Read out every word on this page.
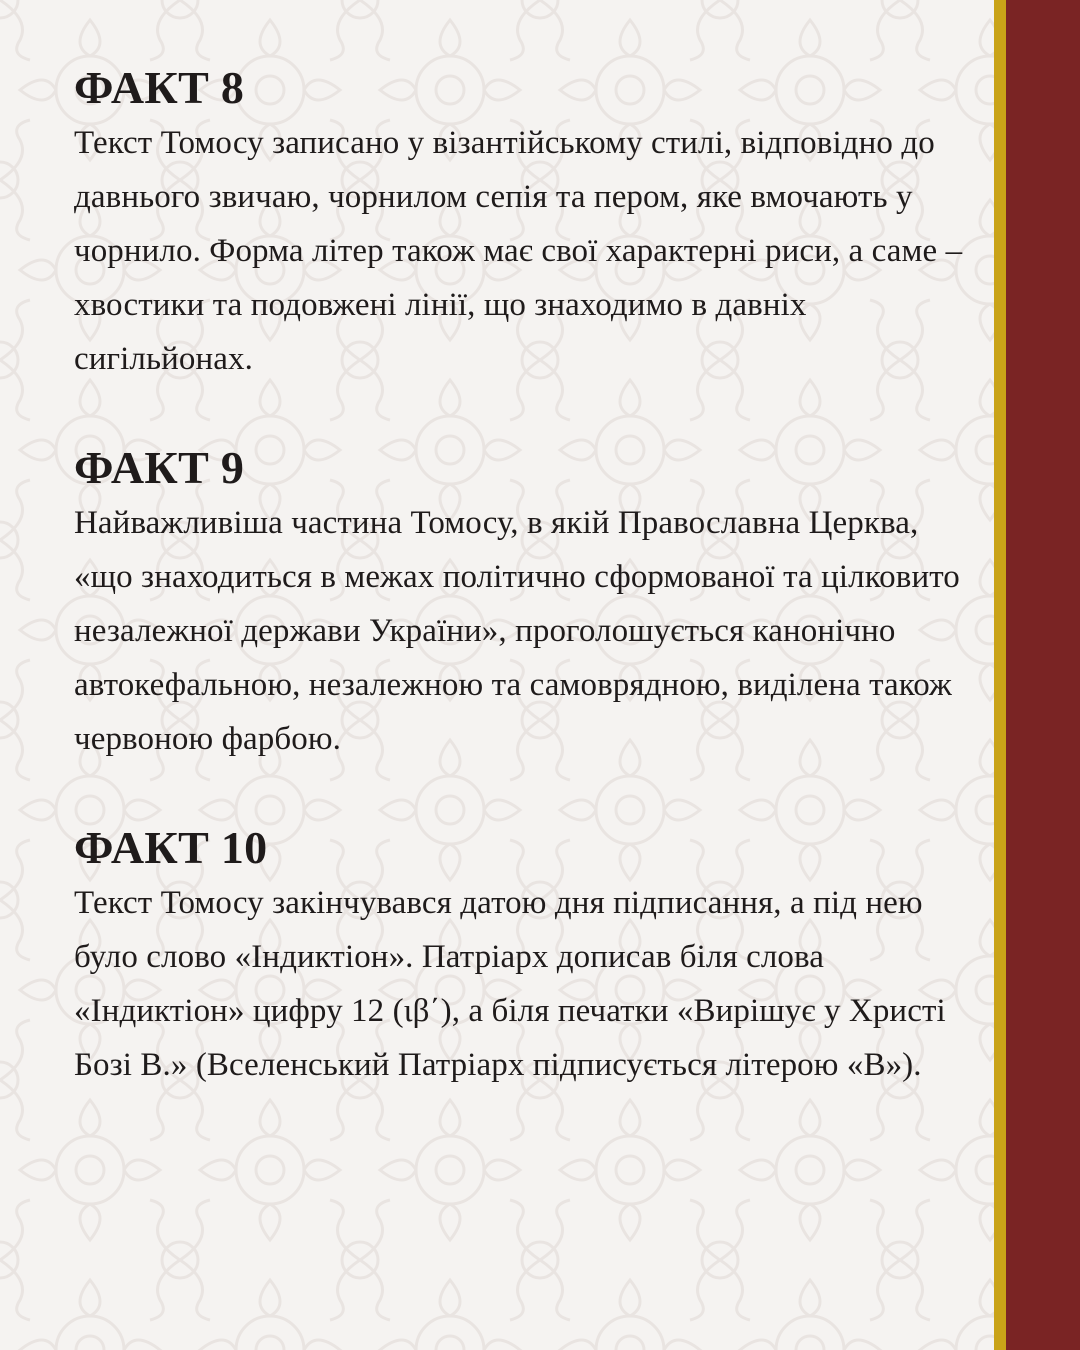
ФАКТ 8

Текст Томосу записано у візантійському стилі, відповідно до давнього звичаю, чорнилом сепія та пером, яке вмочають у чорнило. Форма літер також має свої характерні риси, а саме – хвостики та подовжені лінії, що знаходимо в давніх сигільйонах.

ФАКТ 9

Найважливіша частина Томосу, в якій Православна Церква, «що знаходиться в межах політично сформованої та цілковито незалежної держави України», проголошується канонічно автокефальною, незалежною та самоврядною, виділена також червоною фарбою.

ФАКТ 10

Текст Томосу закінчувався датою дня підписання, а під нею було слово «Індиктіон». Патріарх дописав біля слова «Індиктіон» цифру 12 (ιβ΄), а біля печатки «Вирішує у Христі Бозі В.» (Вселенський Патріарх підписується літерою «В»).
